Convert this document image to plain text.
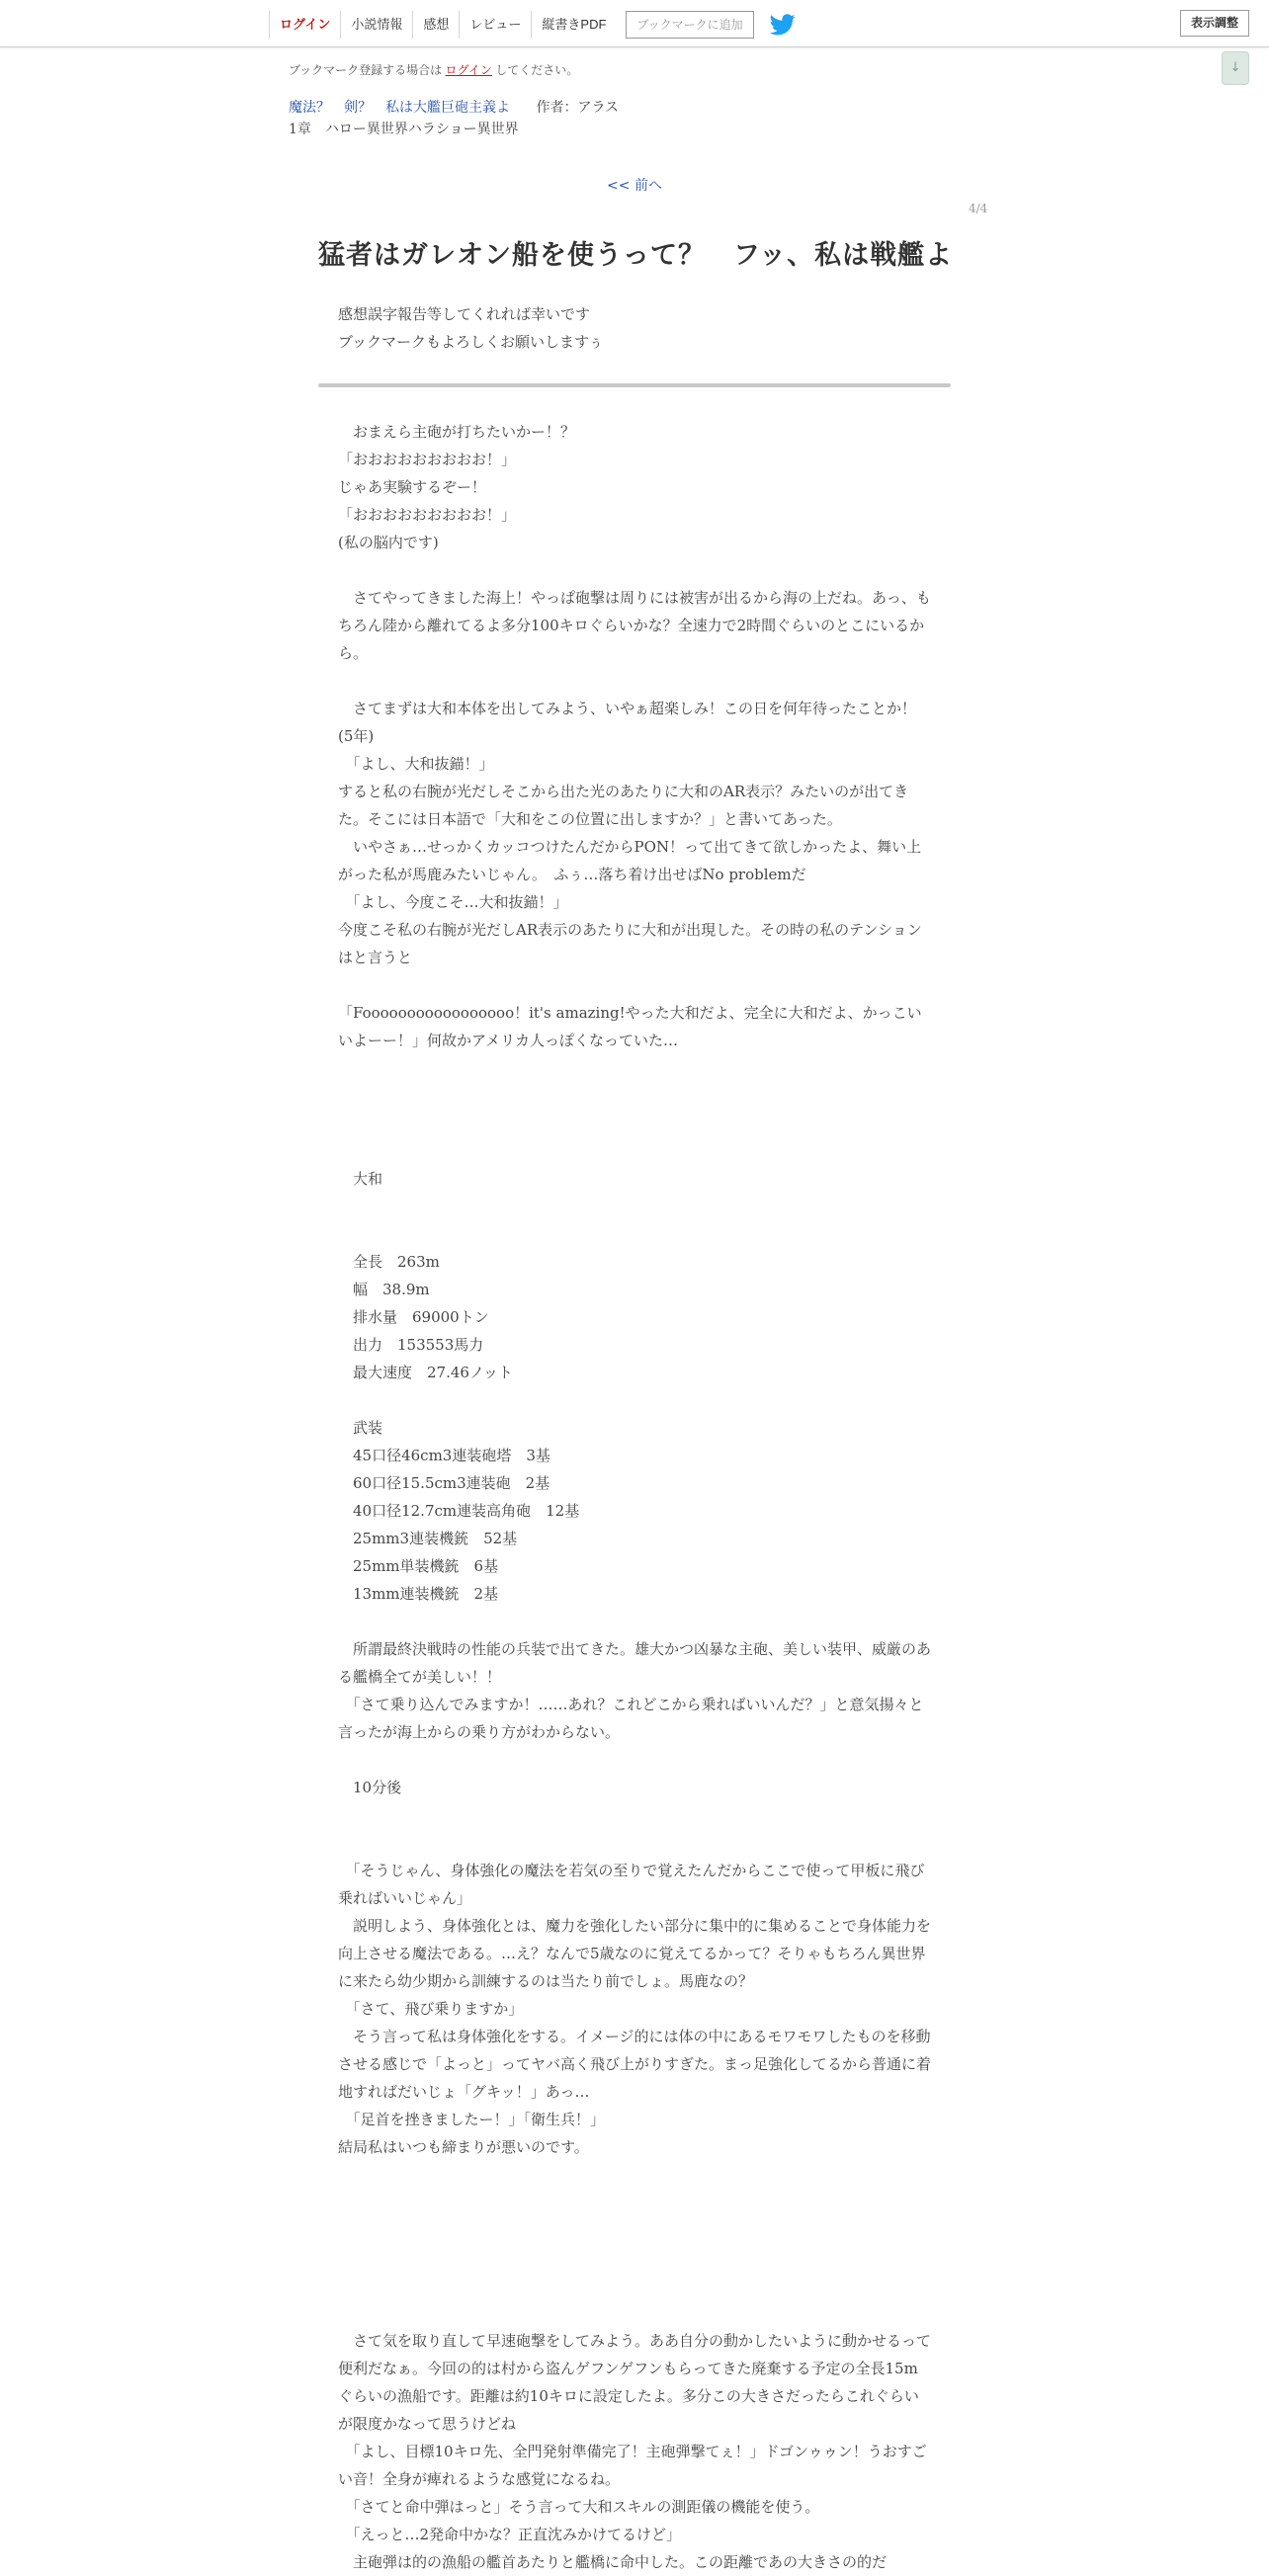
ログイン	小説情報	感想	レビュー	縦書きPDF	ブックマークに追加	表示調整
↓
ブックマーク登録する場合は ログイン してください。
魔法？　剣？　私は大艦巨砲主義よ 作者：アラス
1章　ハロー異世界ハラショー異世界
<< 前へ
4/4
猛者はガレオン船を使うって？　フッ、私は戦艦よ

感想誤字報告等してくれれば幸いです

ブックマークもよろしくお願いしますぅ

　おまえら主砲が打ちたいかー！？

「おおおおおおおおお！」

じゃあ実験するぞー！

「おおおおおおおおお！」

(私の脳内です)

　さてやってきました海上！やっぱ砲撃は周りには被害が出るから海の上だね。あっ、もちろん陸から離れてるよ多分100キロぐらいかな？全速力で2時間ぐらいのとこにいるから。

　さてまずは大和本体を出してみよう、いやぁ超楽しみ！この日を何年待ったことか！(5年)

　「よし、大和抜錨！」

すると私の右腕が光だしそこから出た光のあたりに大和のAR表示？みたいのが出てきた。そこには日本語で「大和をこの位置に出しますか？」と書いてあった。

　いやさぁ…せっかくカッコつけたんだからPON！って出てきて欲しかったよ、舞い上がった私が馬鹿みたいじゃん。　ふぅ…落ち着け出せばNo problemだ

　「よし、今度こそ…大和抜錨！」

今度こそ私の右腕が光だしAR表示のあたりに大和が出現した。その時の私のテンションはと言うと

「Fooooooooooooooooo！it's amazing!やった大和だよ、完全に大和だよ、かっこいいよーー！」何故かアメリカ人っぽくなっていた…

　大和

　全長　263m

　幅　38.9m

　排水量　69000トン

　出力　153553馬力

　最大速度　27.46ノット

　武装

　45口径46cm3連装砲塔　3基

　60口径15.5cm3連装砲　2基

　40口径12.7cm連装高角砲　12基

　25mm3連装機銃　52基

　25mm単装機銃　6基

　13mm連装機銃　2基

　所謂最終決戦時の性能の兵装で出てきた。雄大かつ凶暴な主砲、美しい装甲、威厳のある艦橋全てが美しい！！

　「さて乗り込んでみますか！……あれ？これどこから乗ればいいんだ？」と意気揚々と言ったが海上からの乗り方がわからない。

　10分後

　「そうじゃん、身体強化の魔法を若気の至りで覚えたんだからここで使って甲板に飛び乗ればいいじゃん」

　説明しよう、身体強化とは、魔力を強化したい部分に集中的に集めることで身体能力を向上させる魔法である。…え？なんで5歳なのに覚えてるかって？そりゃもちろん異世界に来たら幼少期から訓練するのは当たり前でしょ。馬鹿なの？

　「さて、飛び乗りますか」

　そう言って私は身体強化をする。イメージ的には体の中にあるモワモワしたものを移動させる感じで「よっと」ってヤバ高く飛び上がりすぎた。まっ足強化してるから普通に着地すればだいじょ「グキッ！」あっ…

　「足首を挫きましたー！」「衛生兵！」

結局私はいつも締まりが悪いのです。

　さて気を取り直して早速砲撃をしてみよう。ああ自分の動かしたいように動かせるって便利だなぁ。今回の的は村から盗んゲフンゲフンもらってきた廃棄する予定の全長15mぐらいの漁船です。距離は約10キロに設定したよ。多分この大きさだったらこれぐらいが限度かなって思うけどね

　「よし、目標10キロ先、全門発射準備完了！主砲弾撃てぇ！」ドゴンゥゥン！うおすごい音！全身が痺れるような感覚になるね。

　「さてと命中弾はっと」そう言って大和スキルの測距儀の機能を使う。

　「えっと…2発命中かな？正直沈みかけてるけど」

　主砲弾は的の漁船の艦首あたりと艦橋に命中した。この距離であの大きさの的だ
